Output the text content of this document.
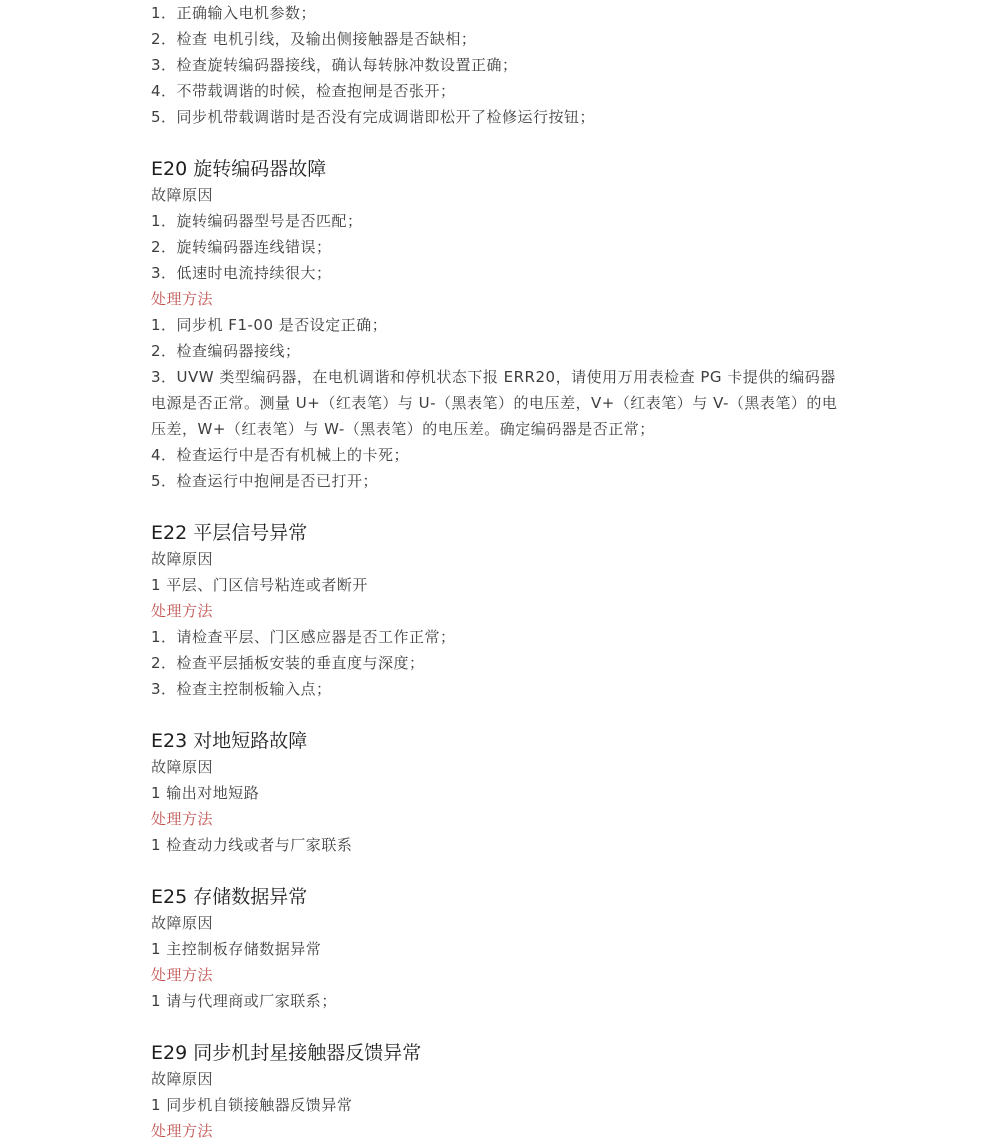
1．正确输入电机参数；
2．检查 电机引线，及输出侧接触器是否缺相；
3．检查旋转编码器接线，确认每转脉冲数设置正确；
4．不带载调谐的时候，检查抱闸是否张开；
5．同步机带载调谐时是否没有完成调谐即松开了检修运行按钮；
E20 旋转编码器故障
故障原因
1．旋转编码器型号是否匹配；
2．旋转编码器连线错误；
3．低速时电流持续很大；
处理方法
1．同步机 F1-00 是否设定正确；
2．检查编码器接线；
3．UVW 类型编码器，在电机调谐和停机状态下报 ERR20，请使用万用表检查 PG 卡提供的编码器电源是否正常。测量 U+（红表笔）与 U-（黑表笔）的电压差，V+（红表笔）与 V-（黑表笔）的电压差，W+（红表笔）与 W-（黑表笔）的电压差。确定编码器是否正常；
4．检查运行中是否有机械上的卡死；
5．检查运行中抱闸是否已打开；
E22 平层信号异常
故障原因
1 平层、门区信号粘连或者断开
处理方法
1．请检查平层、门区感应器是否工作正常；
2．检查平层插板安装的垂直度与深度；
3．检查主控制板输入点；
E23 对地短路故障
故障原因
1 输出对地短路
处理方法
1 检查动力线或者与厂家联系
E25 存储数据异常
故障原因
1 主控制板存储数据异常
处理方法
1 请与代理商或厂家联系；
E29 同步机封星接触器反馈异常
故障原因
1 同步机自锁接触器反馈异常
处理方法
